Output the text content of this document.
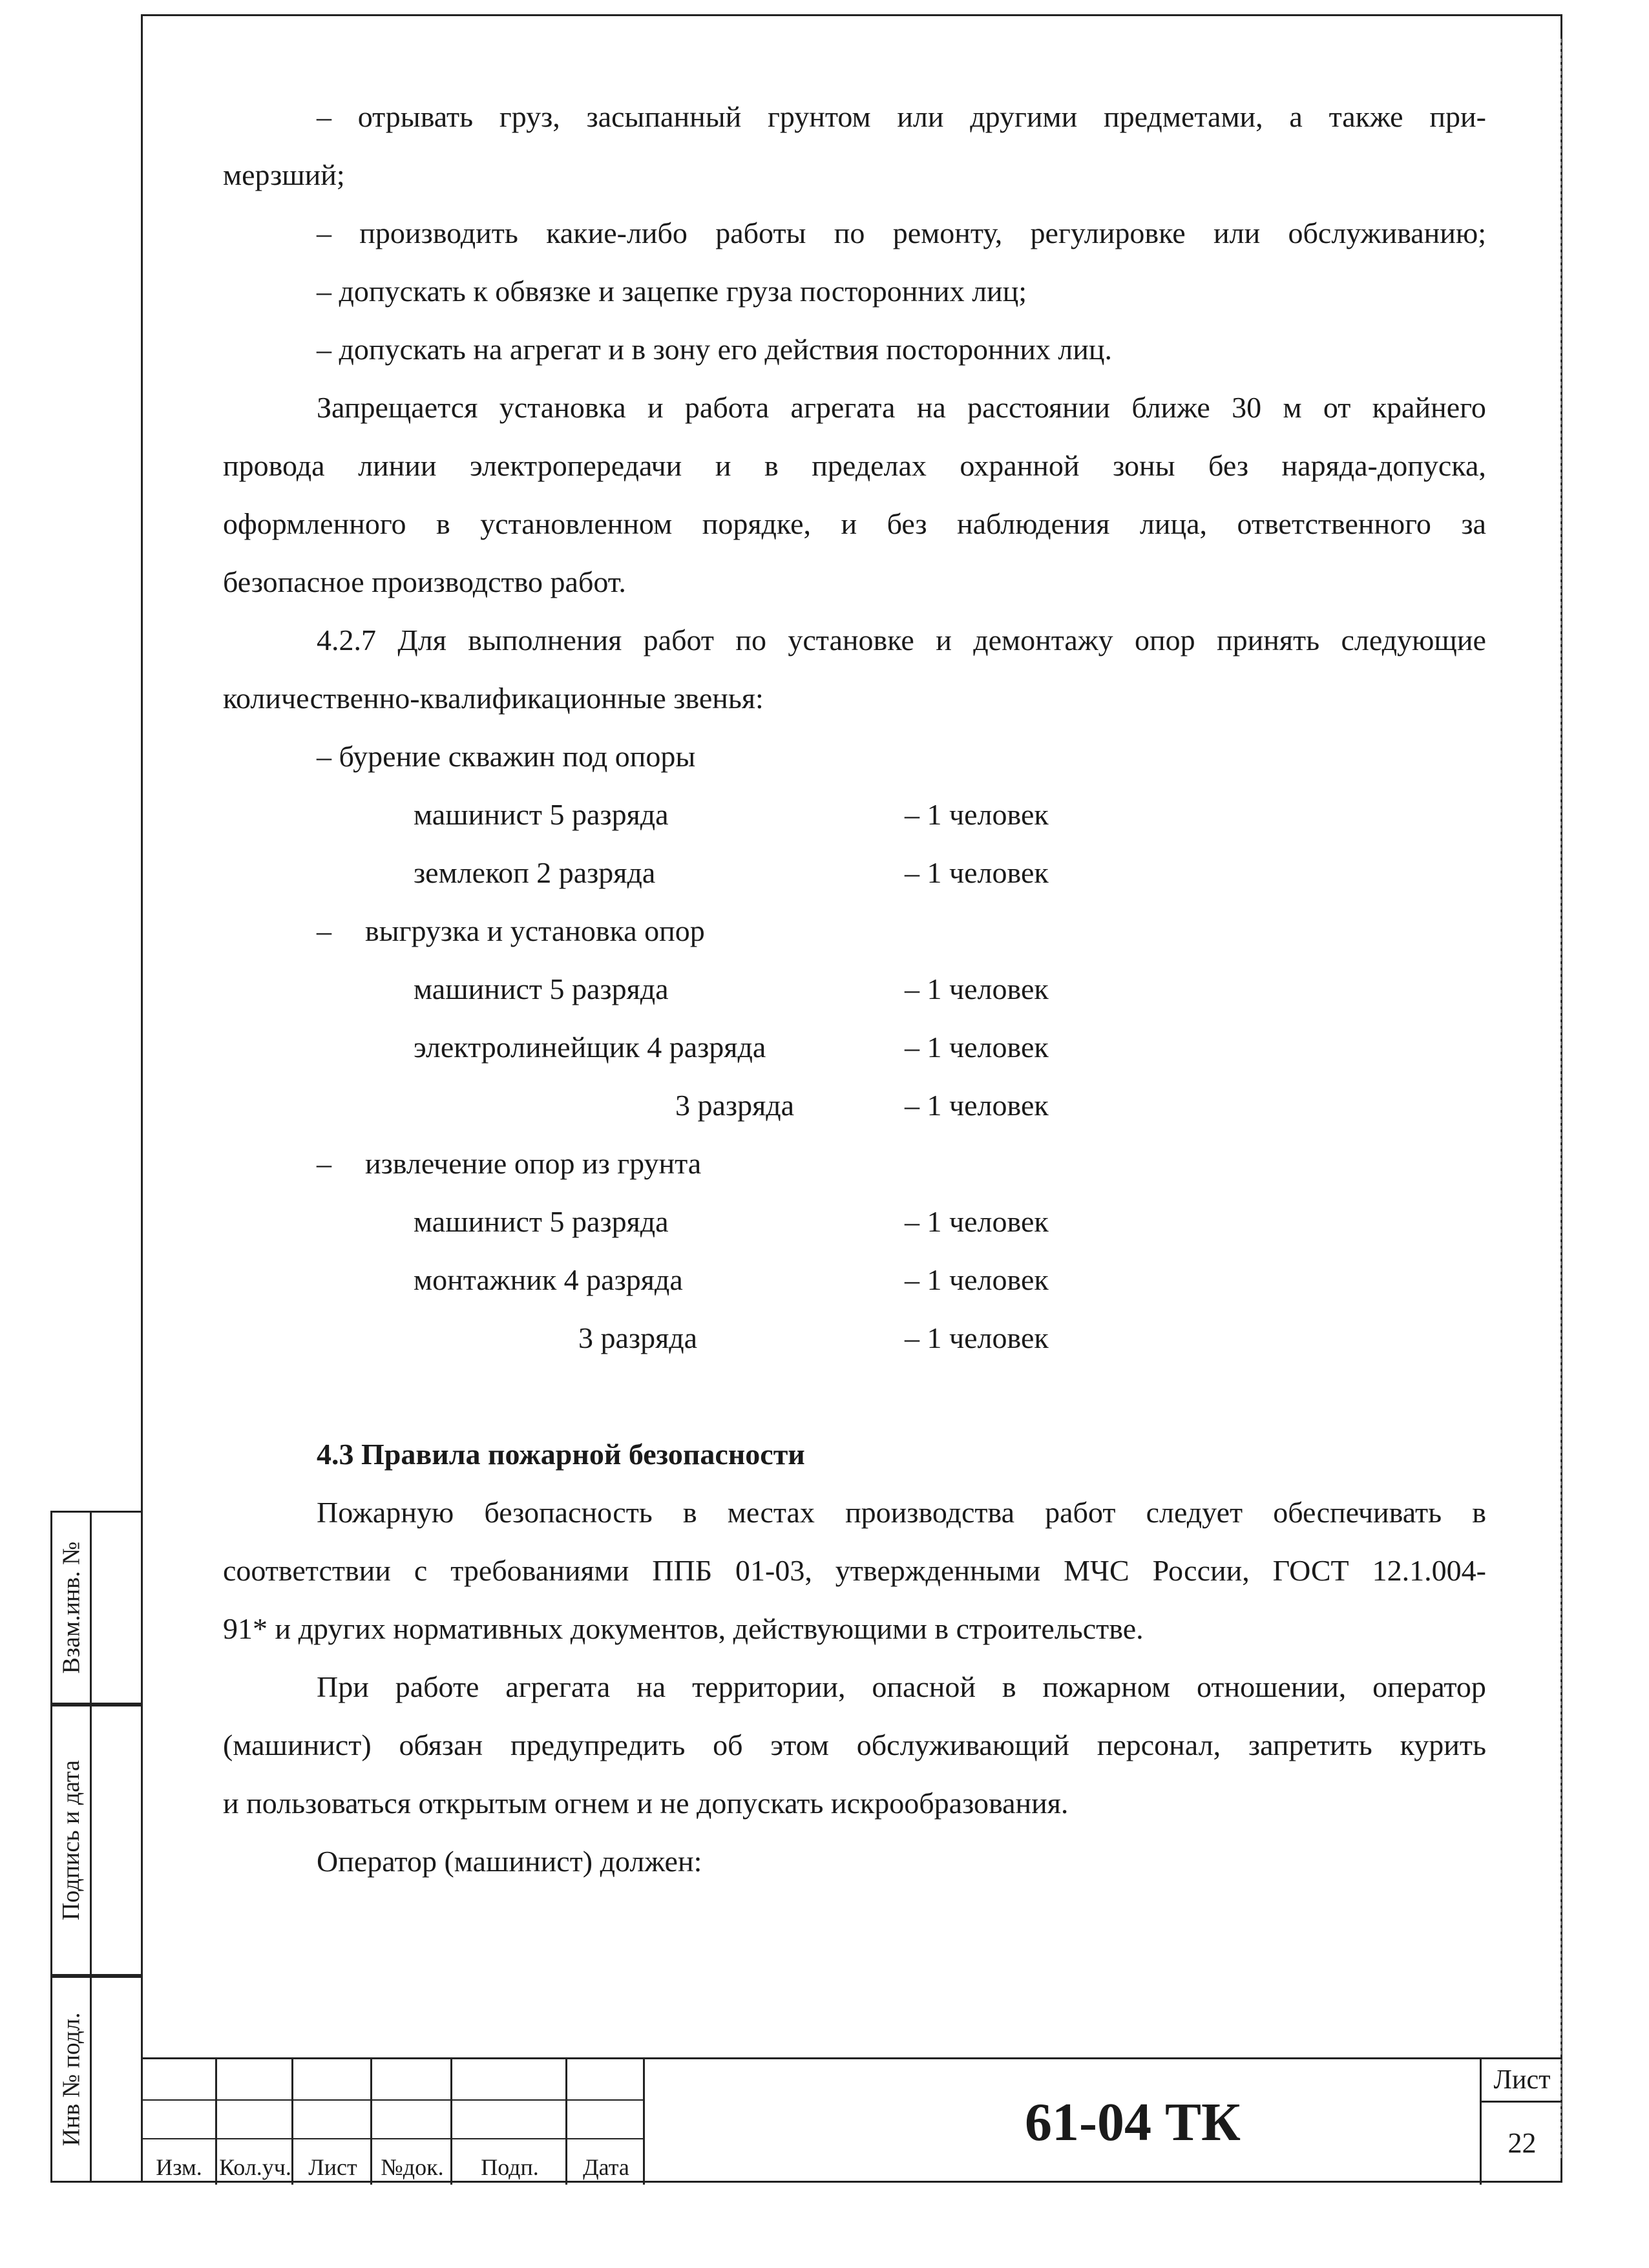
Взам.инв. №
Подпись и дата
Инв № подл.
– отрывать груз, засыпанный грунтом или другими предметами, а также при-
мерзший;
– производить какие-либо работы по ремонту, регулировке или обслуживанию;
– допускать к обвязке и зацепке груза посторонних лиц;
– допускать на агрегат и в зону его действия посторонних лиц.
Запрещается установка и работа агрегата на расстоянии ближе 30 м от крайнего
провода линии электропередачи и в пределах охранной зоны без наряда-допуска,
оформленного в установленном порядке, и без наблюдения лица, ответственного за
безопасное производство работ.
4.2.7 Для выполнения работ по установке и демонтажу опор принять следующие
количественно-квалификационные звенья:
– бурение скважин под опоры
машинист 5 разряда	– 1 человек
землекоп 2 разряда	– 1 человек
– выгрузка и установка опор
машинист 5 разряда	– 1 человек
электролинейщик 4 разряда	– 1 человек
3 разряда	– 1 человек
– извлечение опор из грунта
машинист 5 разряда	– 1 человек
монтажник 4 разряда	– 1 человек
3 разряда	– 1 человек
4.3 Правила пожарной безопасности
Пожарную безопасность в местах производства работ следует обеспечивать в
соответствии с требованиями ППБ 01-03, утвержденными МЧС России, ГОСТ 12.1.004-
91* и других нормативных документов, действующими в строительстве.
При работе агрегата на территории, опасной в пожарном отношении, оператор
(машинист) обязан предупредить об этом обслуживающий персонал, запретить курить
и пользоваться открытым огнем и не допускать искрообразования.
Оператор (машинист) должен:
Изм. Кол.уч. Лист	№док.	Подп.	Дата
61-04 ТК
Лист
22
